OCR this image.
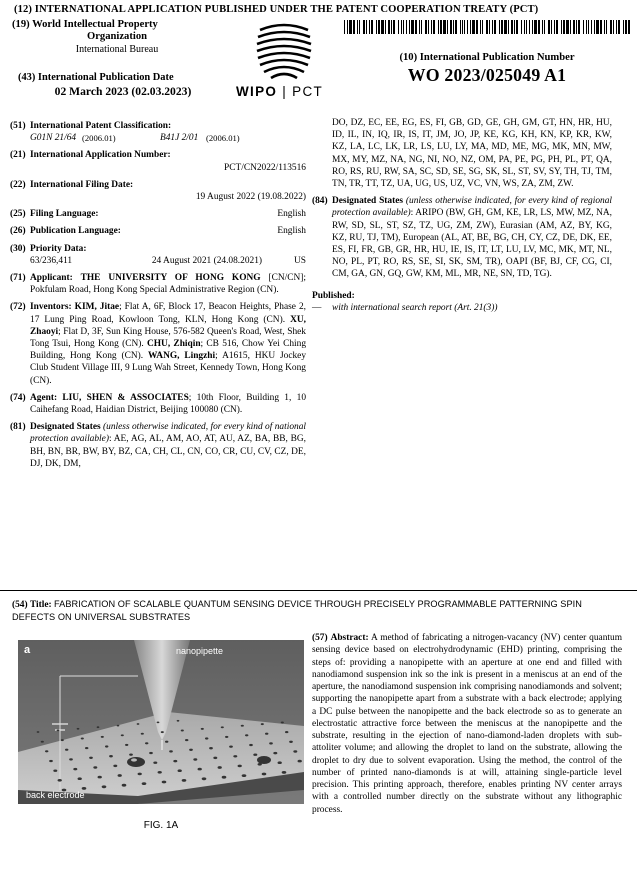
(12) INTERNATIONAL APPLICATION PUBLISHED UNDER THE PATENT COOPERATION TREATY (PCT)
(19) World Intellectual Property
Organization
International Bureau
(43) International Publication Date
02 March 2023 (02.03.2023)	WIPO | PCT
(10) International Publication Number
WO 2023/025049 A1
(51) International Patent Classification:
G01N 21/64 (2006.01)	B41J 2/01 (2006.01)
(21) International Application Number:
PCT/CN2022/113516
(22) International Filing Date:
19 August 2022 (19.08.2022)
(25) Filing Language:	English
(26) Publication Language:	English
(30) Priority Data:
63/236,411	24 August 2021 (24.08.2021)	US
(71) Applicant: THE UNIVERSITY OF HONG KONG [CN/CN]; Pokfulam Road, Hong Kong Special Administrative Region (CN).
(72) Inventors: KIM, Jitae; Flat A, 6F, Block 17, Beacon Heights, Phase 2, 17 Lung Ping Road, Kowloon Tong, KLN, Hong Kong (CN). XU, Zhaoyi; Flat D, 3F, Sun King House, 576-582 Queen's Road, West, Shek Tong Tsui, Hong Kong (CN). CHU, Zhiqin; CB 516, Chow Yei Ching Building, Hong Kong (CN). WANG, Lingzhi; A1615, HKU Jockey Club Student Village III, 9 Lung Wah Street, Kennedy Town, Hong Kong (CN).
(74) Agent: LIU, SHEN & ASSOCIATES; 10th Floor, Building 1, 10 Caihefang Road, Haidian District, Beijing 100080 (CN).
(81) Designated States (unless otherwise indicated, for every kind of national protection available): AE, AG, AL, AM, AO, AT, AU, AZ, BA, BB, BG, BH, BN, BR, BW, BY, BZ, CA, CH, CL, CN, CO, CR, CU, CV, CZ, DE, DJ, DK, DM,
DO, DZ, EC, EE, EG, ES, FI, GB, GD, GE, GH, GM, GT, HN, HR, HU, ID, IL, IN, IQ, IR, IS, IT, JM, JO, JP, KE, KG, KH, KN, KP, KR, KW, KZ, LA, LC, LK, LR, LS, LU, LY, MA, MD, ME, MG, MK, MN, MW, MX, MY, MZ, NA, NG, NI, NO, NZ, OM, PA, PE, PG, PH, PL, PT, QA, RO, RS, RU, RW, SA, SC, SD, SE, SG, SK, SL, ST, SV, SY, TH, TJ, TM, TN, TR, TT, TZ, UA, UG, US, UZ, VC, VN, WS, ZA, ZM, ZW.
(84) Designated States (unless otherwise indicated, for every kind of regional protection available): ARIPO (BW, GH, GM, KE, LR, LS, MW, MZ, NA, RW, SD, SL, ST, SZ, TZ, UG, ZM, ZW), Eurasian (AM, AZ, BY, KG, KZ, RU, TJ, TM), European (AL, AT, BE, BG, CH, CY, CZ, DE, DK, EE, ES, FI, FR, GB, GR, HR, HU, IE, IS, IT, LT, LU, LV, MC, MK, MT, NL, NO, PL, PT, RO, RS, SE, SI, SK, SM, TR), OAPI (BF, BJ, CF, CG, CI, CM, GA, GN, GQ, GW, KM, ML, MR, NE, SN, TD, TG).
Published:
—	with international search report (Art. 21(3))
(54) Title: FABRICATION OF SCALABLE QUANTUM SENSING DEVICE THROUGH PRECISELY PROGRAMMABLE PATTERNING SPIN DEFECTS ON UNIVERSAL SUBSTRATES
a	nanopipette
back electrode
FIG. 1A
(57) Abstract: A method of fabricating a nitrogen-vacancy (NV) center quantum sensing device based on electrohydrodynamic (EHD) printing, comprising the steps of: providing a nanopipette with an aperture at one end and filled with nanodiamond suspension ink so the ink is present in a meniscus at an end of the aperture, the nanodiamond suspension ink comprising nanodiamonds and solvent; supporting the nanopipette apart from a substrate with a back electrode; applying a DC pulse between the nanopipette and the back electrode so as to generate an electrostatic attractive force between the meniscus at the nanopipette and the substrate, resulting in the ejection of nano-diamond-laden droplets with sub-attoliter volume; and allowing the droplet to land on the substrate, allowing the droplet to dry due to solvent evaporation. Using the method, the control of the number of printed nano-diamonds is at will, attaining single-particle level precision. This printing approach, therefore, enables printing NV center arrays with a controlled number directly on the substrate without any lithographic process.
